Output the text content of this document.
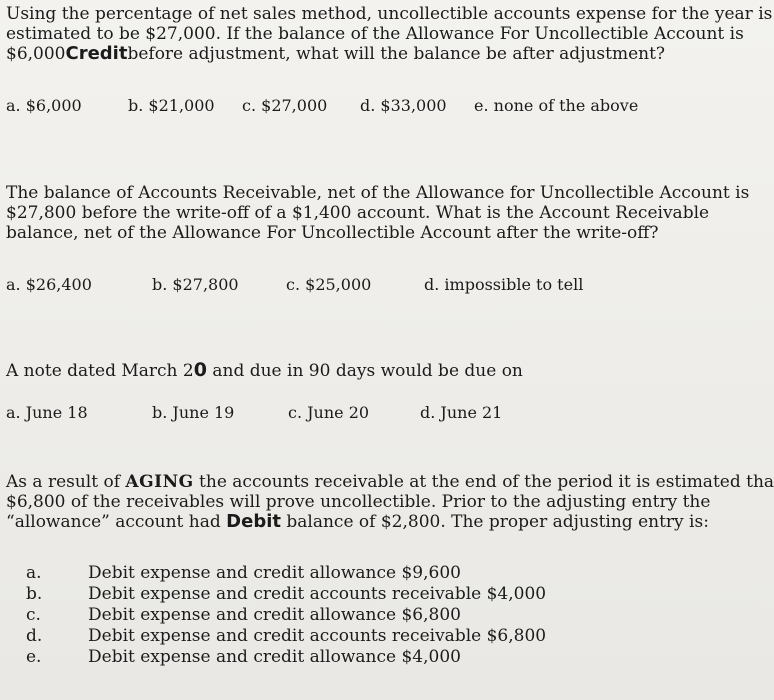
Using the percentage of net sales method, uncollectible accounts expense for the year is
estimated to be $27,000. If the balance of the Allowance For Uncollectible Account is
$6,000Creditbefore adjustment, what will the balance be after adjustment?
a. $6,000	b. $21,000 c. $27,000 d. $33,000 e. none of the above
The balance of Accounts Receivable, net of the Allowance for Uncollectible Account is
$27,800 before the write-off of a $1,400 account. What is the Account Receivable
balance, net of the Allowance For Uncollectible Account after the write-off?
a. $26,400	b. $27,800	c. $25,000	d. impossible to tell
A note dated March 20 and due in 90 days would be due on
a. June 18	b. June 19	c. June 20	d. June 21
As a result of AGING the accounts receivable at the end of the period it is estimated tha
$6,800 of the receivables will prove uncollectible. Prior to the adjusting entry the
“allowance” account had Debit balance of $2,800. The proper adjusting entry is:
a.	Debit expense and credit allowance $9,600
b.	Debit expense and credit accounts receivable $4,000
c.	Debit expense and credit allowance $6,800
d.	Debit expense and credit accounts receivable $6,800
e.	Debit expense and credit allowance $4,000
